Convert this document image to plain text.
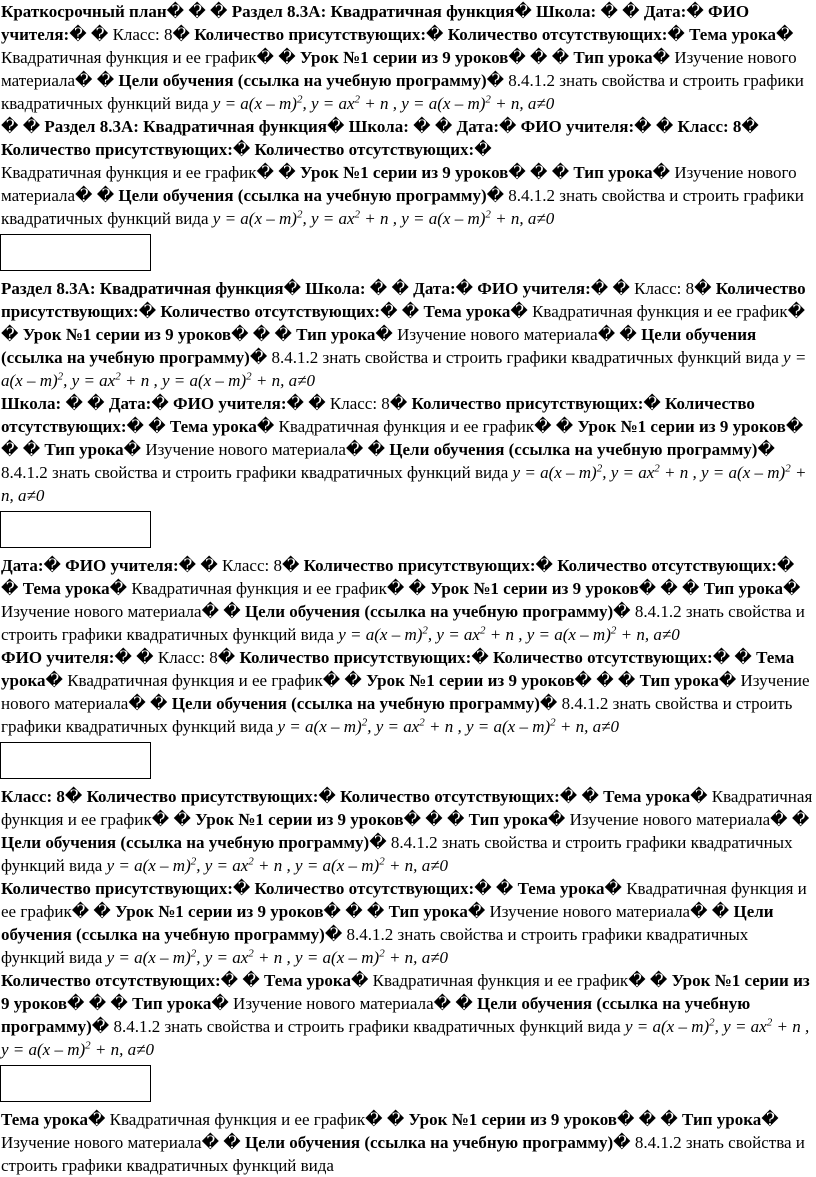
Краткосрочный план� � � Раздел 8.3А: Квадратичная функция� Школа: � � Дата:� ФИО учителя:� � Класс: 8� Количество присутствующих:� Количество отсутствующих:� Тема урока� Квадратичная функция и ее график� � Урок №1 серии из 9 уроков� � � Тип урока� Изучение нового материала� � Цели обучения (ссылка на учебную программу)� 8.4.1.2 знать свойства и строить графики квадратичных функций вида y = a(x – m)$^2$, $y = ax^2 + n$ , y = a(x – m)$^2$ + n, a≠0

� � Раздел 8.3А: Квадратичная функция� Школа: � � Дата:� ФИО учителя:� � Класс: 8� Количество присутствующих:� Количество отсутствующих:�
Квадратичная функция и ее график� � Урок №1 серии из 9 уроков� � � Тип урока� Изучение нового материала� � Цели обучения (ссылка на учебную программу)� 8.4.1.2 знать свойства и строить графики квадратичных функций вида y = a(x – m)$^2$, $y = ax^2 + n$ , y = a(x – m)$^2$ + n, a≠0

Раздел 8.3А: Квадратичная функция� Школа: � � Дата:� ФИО учителя:� � Класс: 8� Количество присутствующих:� Количество отсутствующих:� � Тема урока� Квадратичная функция и ее график� � Урок №1 серии из 9 уроков� � � Тип урока� Изучение нового материала� � Цели обучения (ссылка на учебную программу)� 8.4.1.2 знать свойства и строить графики квадратичных функций вида y = a(x – m)$^2$, $y = ax^2 + n$ , y = a(x – m)$^2$ + n, a≠0

Школа: � � Дата:� ФИО учителя:� � Класс: 8� Количество присутствующих:� Количество отсутствующих:� � Тема урока� Квадратичная функция и ее график� � Урок №1 серии из 9 уроков� � � Тип урока� Изучение нового материала� � Цели обучения (ссылка на учебную программу)� 8.4.1.2 знать свойства и строить графики квадратичных функций вида y = a(x – m)$^2$, $y = ax^2 + n$ , y = a(x – m)$^2$ + n, a≠0

Дата:� ФИО учителя:� � Класс: 8� Количество присутствующих:� Количество отсутствующих:� � Тема урока� Квадратичная функция и ее график� � Урок №1 серии из 9 уроков� � � Тип урока� Изучение нового материала� � Цели обучения (ссылка на учебную программу)� 8.4.1.2 знать свойства и строить графики квадратичных функций вида y = a(x – m)$^2$, $y = ax^2 + n$ , y = a(x – m)$^2$ + n, a≠0

ФИО учителя:� � Класс: 8� Количество присутствующих:� Количество отсутствующих:� � Тема урока� Квадратичная функция и ее график� � Урок №1 серии из 9 уроков� � � Тип урока� Изучение нового материала� � Цели обучения (ссылка на учебную программу)� 8.4.1.2 знать свойства и строить графики квадратичных функций вида y = a(x – m)$^2$, $y = ax^2 + n$ , y = a(x – m)$^2$ + n, a≠0

Класс: 8� Количество присутствующих:� Количество отсутствующих:� � Тема урока� Квадратичная функция и ее график� � Урок №1 серии из 9 уроков� � � Тип урока� Изучение нового материала� � Цели обучения (ссылка на учебную программу)� 8.4.1.2 знать свойства и строить графики квадратичных функций вида y = a(x – m)$^2$, $y = ax^2 + n$ , y = a(x – m)$^2$ + n, a≠0

Количество присутствующих:� Количество отсутствующих:� � Тема урока� Квадратичная функция и ее график� � Урок №1 серии из 9 уроков� � � Тип урока� Изучение нового материала� � Цели обучения (ссылка на учебную программу)� 8.4.1.2 знать свойства и строить графики квадратичных функций вида y = a(x – m)$^2$, $y = ax^2 + n$ , y = a(x – m)$^2$ + n, a≠0

Количество отсутствующих:� � Тема урока� Квадратичная функция и ее график� � Урок №1 серии из 9 уроков� � � Тип урока� Изучение нового материала� � Цели обучения (ссылка на учебную программу)� 8.4.1.2 знать свойства и строить графики квадратичных функций вида y = a(x – m)$^2$, $y = ax^2 + n$ , y = a(x – m)$^2$ + n, a≠0

Тема урока� Квадратичная функция и ее график� � Урок №1 серии из 9 уроков� � � Тип урока� Изучение нового материала� � Цели обучения (ссылка на учебную программу)� 8.4.1.2 знать свойства и строить графики квадратичных функций вида
